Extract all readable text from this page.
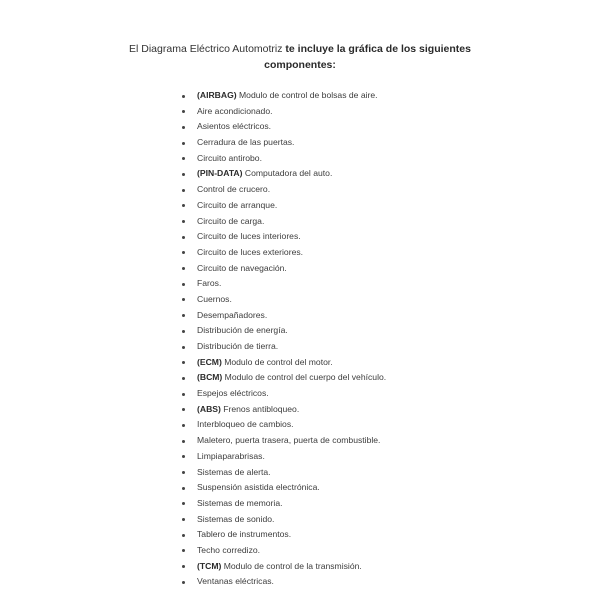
El Diagrama Eléctrico Automotriz te incluye la gráfica de los siguientes componentes:
(AIRBAG) Modulo de control de bolsas de aire.
Aire acondicionado.
Asientos eléctricos.
Cerradura de las puertas.
Circuito antirobo.
(PIN-DATA) Computadora del auto.
Control de crucero.
Circuito de arranque.
Circuito de carga.
Circuito de luces interiores.
Circuito de luces exteriores.
Circuito de navegación.
Faros.
Cuernos.
Desempañadores.
Distribución de energía.
Distribución de tierra.
(ECM) Modulo de control del motor.
(BCM) Modulo de control del cuerpo del vehículo.
Espejos eléctricos.
(ABS) Frenos antibloqueo.
Interbloqueo de cambios.
Maletero, puerta trasera, puerta de combustible.
Limpiaparabrisas.
Sistemas de alerta.
Suspensión asistida electrónica.
Sistemas de memoria.
Sistemas de sonido.
Tablero de instrumentos.
Techo corredizo.
(TCM) Modulo de control de la transmisión.
Ventanas eléctricas.
